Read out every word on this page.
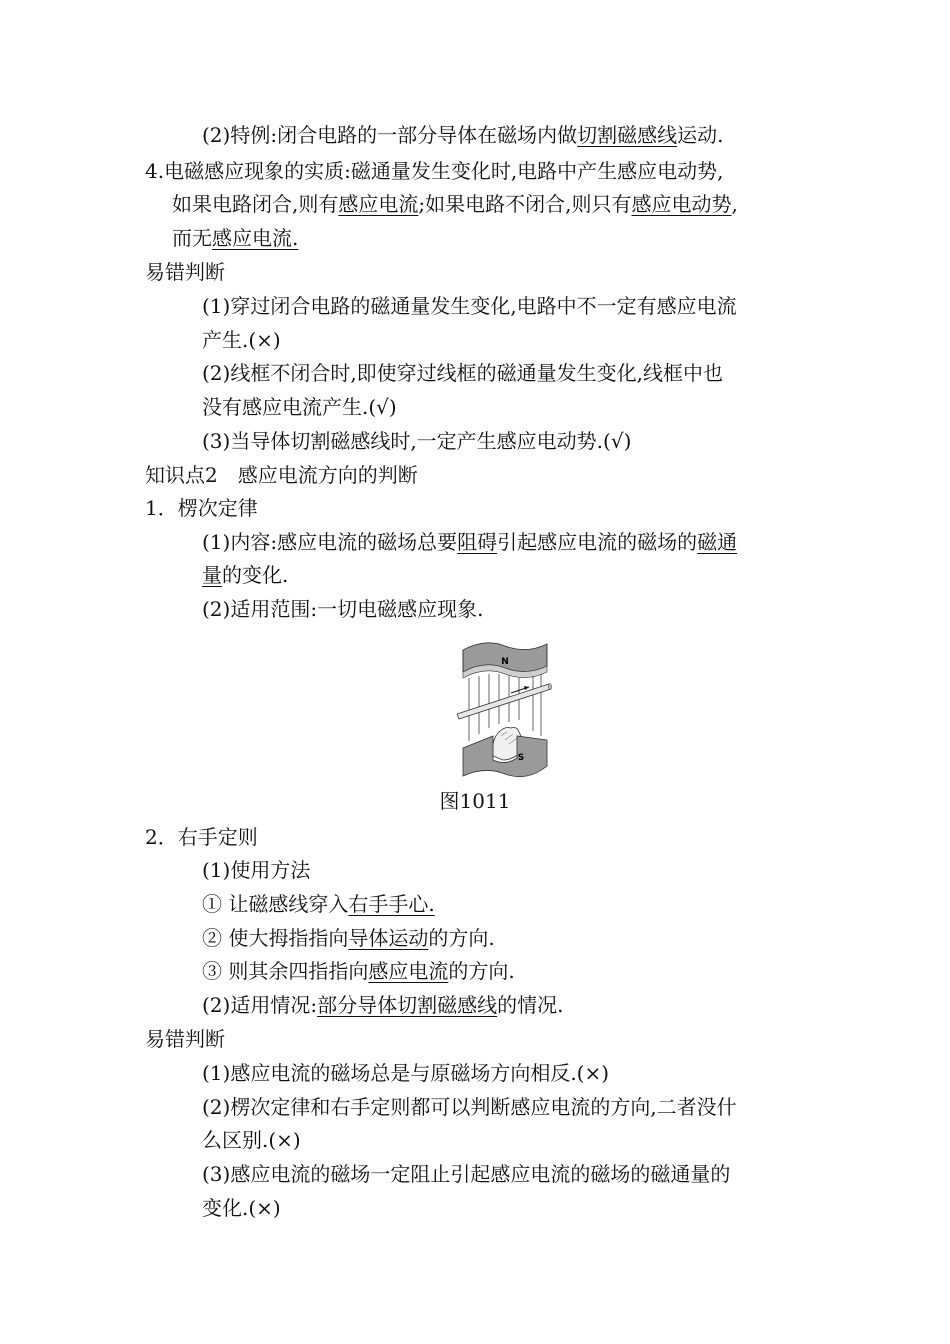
(2)特例:闭合电路的一部分导体在磁场内做切割磁感线运动.
4.电磁感应现象的实质:磁通量发生变化时,电路中产生感应电动势,
如果电路闭合,则有感应电流;如果电路不闭合,则只有感应电动势,
而无感应电流.
易错判断
(1)穿过闭合电路的磁通量发生变化,电路中不一定有感应电流
产生.(×)
(2)线框不闭合时,即使穿过线框的磁通量发生变化,线框中也
没有感应电流产生.(√)
(3)当导体切割磁感线时,一定产生感应电动势.(√)
知识点2　感应电流方向的判断
1．楞次定律
(1)内容:感应电流的磁场总要阻碍引起感应电流的磁场的磁通
量的变化.
(2)适用范围:一切电磁感应现象.
N
S
图1011
2．右手定则
(1)使用方法
① 让磁感线穿入右手手心.
② 使大拇指指向导体运动的方向.
③ 则其余四指指向感应电流的方向.
(2)适用情况:部分导体切割磁感线的情况.
易错判断
(1)感应电流的磁场总是与原磁场方向相反.(×)
(2)楞次定律和右手定则都可以判断感应电流的方向,二者没什
么区别.(×)
(3)感应电流的磁场一定阻止引起感应电流的磁场的磁通量的
变化.(×)
